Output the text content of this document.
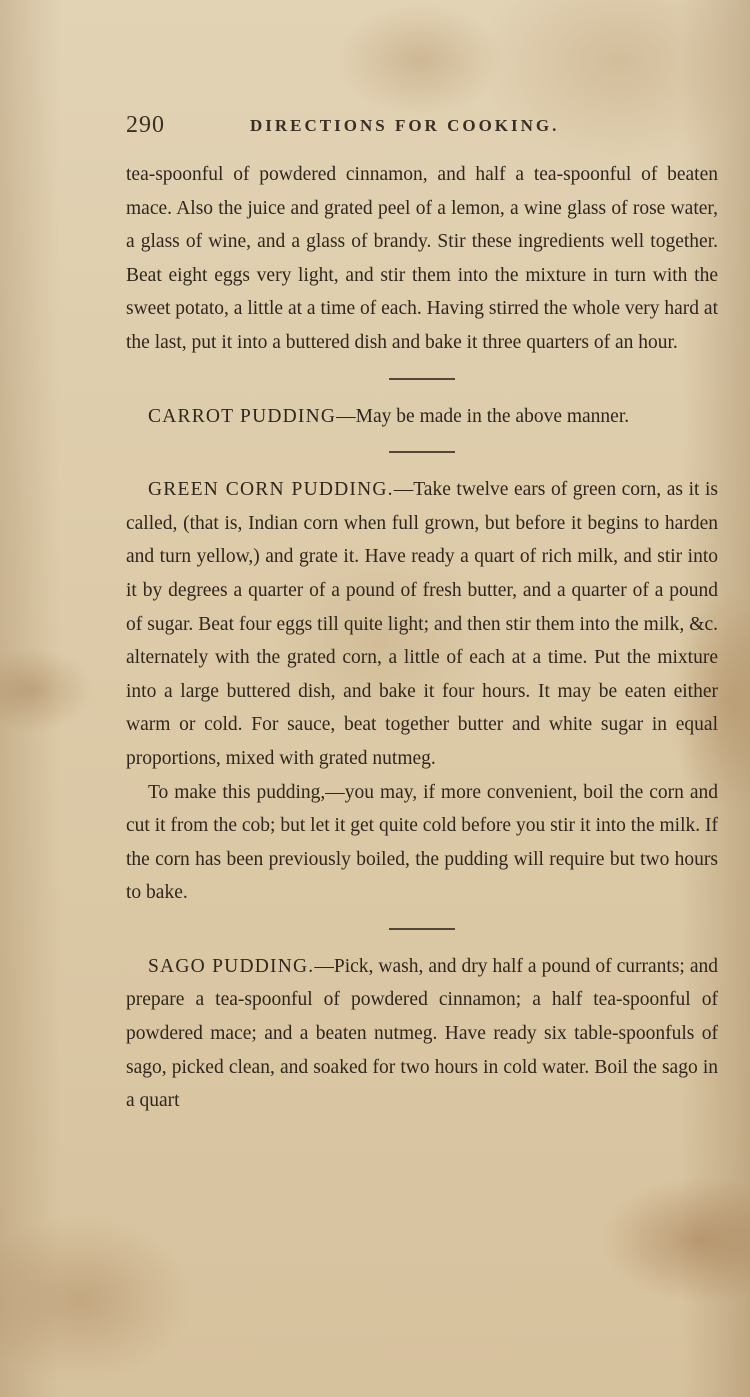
290	DIRECTIONS FOR COOKING.

tea-spoonful of powdered cinnamon, and half a tea-spoonful of beaten mace. Also the juice and grated peel of a lemon, a wine glass of rose water, a glass of wine, and a glass of brandy. Stir these ingredients well together. Beat eight eggs very light, and stir them into the mixture in turn with the sweet potato, a little at a time of each. Having stirred the whole very hard at the last, put it into a buttered dish and bake it three quarters of an hour.

CARROT PUDDING—May be made in the above manner.

GREEN CORN PUDDING.—Take twelve ears of green corn, as it is called, (that is, Indian corn when full grown, but before it begins to harden and turn yellow,) and grate it. Have ready a quart of rich milk, and stir into it by degrees a quarter of a pound of fresh butter, and a quarter of a pound of sugar. Beat four eggs till quite light; and then stir them into the milk, &c. alternately with the grated corn, a little of each at a time. Put the mixture into a large buttered dish, and bake it four hours. It may be eaten either warm or cold. For sauce, beat together butter and white sugar in equal proportions, mixed with grated nutmeg.

To make this pudding,—you may, if more convenient, boil the corn and cut it from the cob; but let it get quite cold before you stir it into the milk. If the corn has been previously boiled, the pudding will require but two hours to bake.

SAGO PUDDING.—Pick, wash, and dry half a pound of currants; and prepare a tea-spoonful of powdered cinnamon; a half tea-spoonful of powdered mace; and a beaten nutmeg. Have ready six table-spoonfuls of sago, picked clean, and soaked for two hours in cold water. Boil the sago in a quart
